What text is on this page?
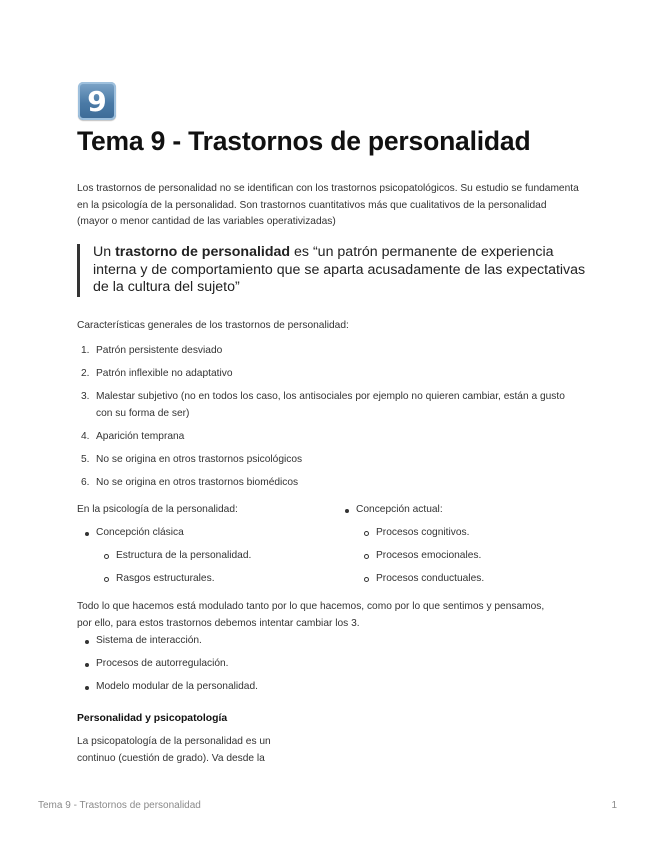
9
Tema 9 - Trastornos de personalidad

Los trastornos de personalidad no se identifican con los trastornos psicopatológicos. Su estudio se fundamenta en la psicología de la personalidad. Son trastornos cuantitativos más que cualitativos de la personalidad (mayor o menor cantidad de las variables operativizadas)

Un trastorno de personalidad es “un patrón permanente de experiencia interna y de comportamiento que se aparta acusadamente de las expectativas de la cultura del sujeto”

Características generales de los trastornos de personalidad:

1. Patrón persistente desviado
2. Patrón inflexible no adaptativo
3. Malestar subjetivo (no en todos los caso, los antisociales por ejemplo no quieren cambiar, están a gusto con su forma de ser)
4. Aparición temprana
5. No se origina en otros trastornos psicológicos
6. No se origina en otros trastornos biomédicos
En la psicología de la personalidad:
Concepción clásica
Estructura de la personalidad.
Rasgos estructurales.
Concepción actual:
Procesos cognitivos.
Procesos emocionales.
Procesos conductuales.

Todo lo que hacemos está modulado tanto por lo que hacemos, como por lo que sentimos y pensamos, por ello, para estos trastornos debemos intentar cambiar los 3.

Sistema de interacción.
Procesos de autorregulación.
Modelo modular de la personalidad.
Personalidad y psicopatología

La psicopatología de la personalidad es un continuo (cuestión de grado). Va desde la

Tema 9 - Trastornos de personalidad	1
